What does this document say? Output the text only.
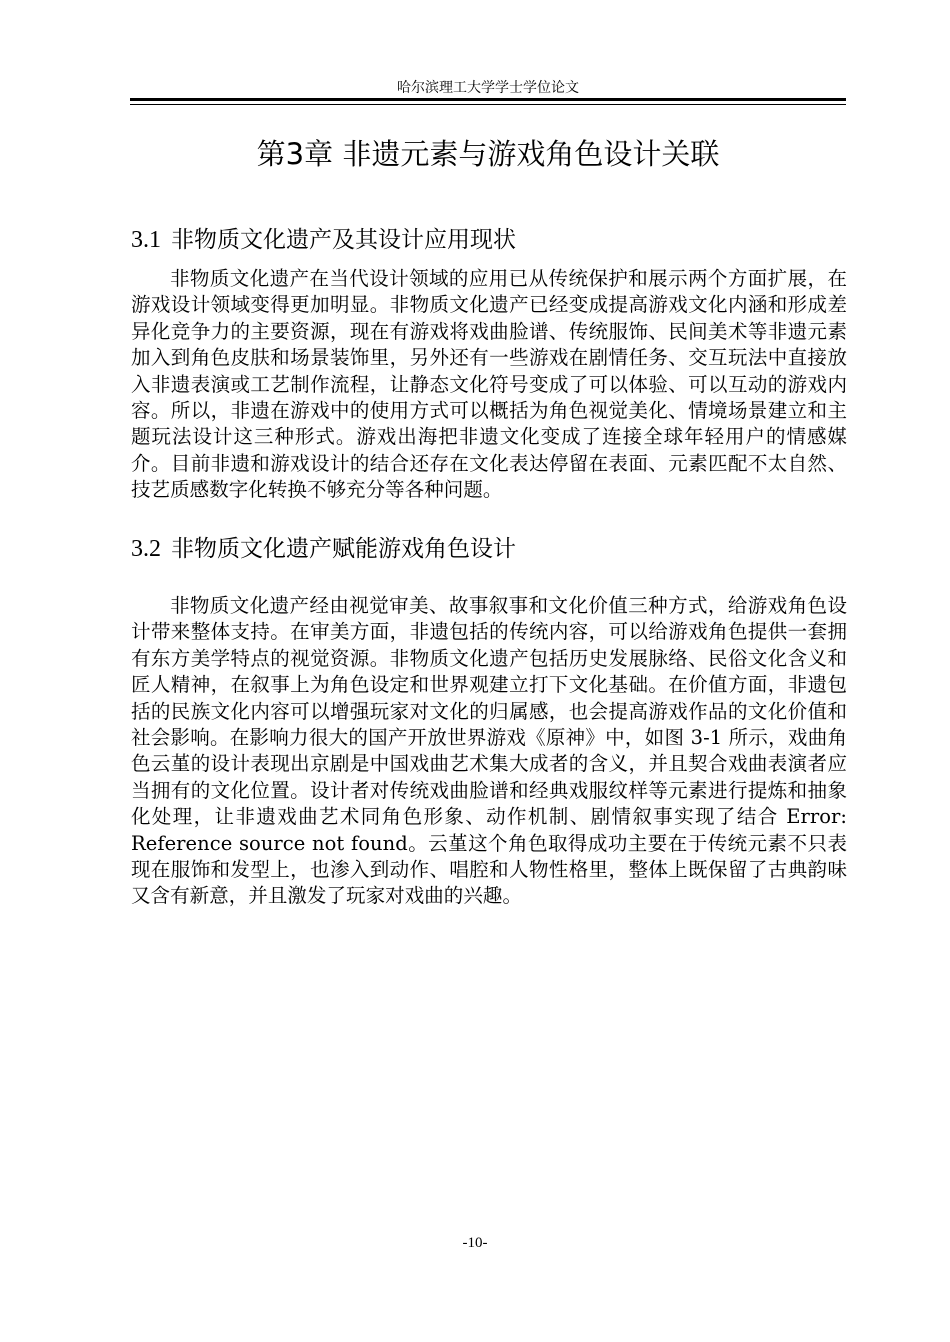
哈尔滨理工大学学士学位论文
第3章 非遗元素与游戏角色设计关联
3.1 非物质文化遗产及其设计应用现状

非物质文化遗产在当代设计领域的应用已从传统保护和展示两个方面扩展，在游戏设计领域变得更加明显。非物质文化遗产已经变成提高游戏文化内涵和形成差异化竞争力的主要资源，现在有游戏将戏曲脸谱、传统服饰、民间美术等非遗元素加入到角色皮肤和场景装饰里，另外还有一些游戏在剧情任务、交互玩法中直接放入非遗表演或工艺制作流程，让静态文化符号变成了可以体验、可以互动的游戏内容。所以，非遗在游戏中的使用方式可以概括为角色视觉美化、情境场景建立和主题玩法设计这三种形式。游戏出海把非遗文化变成了连接全球年轻用户的情感媒介。目前非遗和游戏设计的结合还存在文化表达停留在表面、元素匹配不太自然、技艺质感数字化转换不够充分等各种问题。

3.2 非物质文化遗产赋能游戏角色设计

非物质文化遗产经由视觉审美、故事叙事和文化价值三种方式，给游戏角色设计带来整体支持。在审美方面，非遗包括的传统内容，可以给游戏角色提供一套拥有东方美学特点的视觉资源。非物质文化遗产包括历史发展脉络、民俗文化含义和匠人精神，在叙事上为角色设定和世界观建立打下文化基础。在价值方面，非遗包括的民族文化内容可以增强玩家对文化的归属感，也会提高游戏作品的文化价值和社会影响。在影响力很大的国产开放世界游戏《原神》中，如图 3-1 所示，戏曲角色云堇的设计表现出京剧是中国戏曲艺术集大成者的含义，并且契合戏曲表演者应当拥有的文化位置。设计者对传统戏曲脸谱和经典戏服纹样等元素进行提炼和抽象化处理，让非遗戏曲艺术同角色形象、动作机制、剧情叙事实现了结合 Error: Reference source not found。云堇这个角色取得成功主要在于传统元素不只表现在服饰和发型上，也渗入到动作、唱腔和人物性格里，整体上既保留了古典韵味又含有新意，并且激发了玩家对戏曲的兴趣。

-10-
